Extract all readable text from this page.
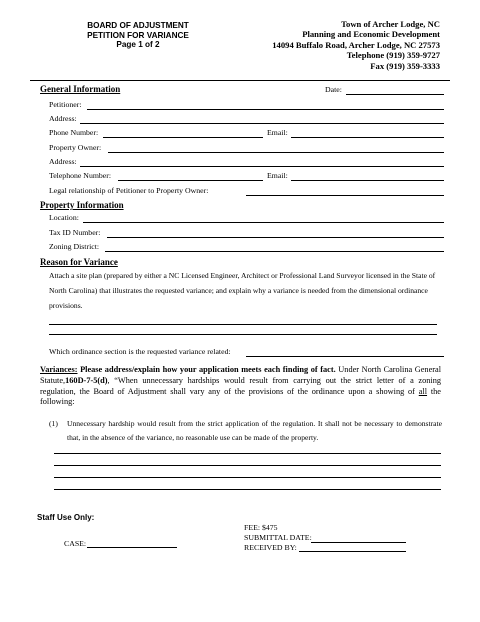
BOARD OF ADJUSTMENT
PETITION FOR VARIANCE
Page 1 of 2
Town of Archer Lodge, NC
Planning and Economic Development
14094 Buffalo Road, Archer Lodge, NC 27573
Telephone (919) 359-9727
Fax (919) 359-3333
General Information	Date:
Petitioner:
Address:
Phone Number:	Email:
Property Owner:
Address:
Telephone Number:	Email:
Legal relationship of Petitioner to Property Owner:
Property Information
Location:
Tax ID Number:
Zoning District:
Reason for Variance
Attach a site plan (prepared by either a NC Licensed Engineer, Architect or Professional Land Surveyor licensed in the State of North Carolina) that illustrates the requested variance; and explain why a variance is needed from the dimensional ordinance provisions.
Which ordinance section is the requested variance related:
Variances: Please address/explain how your application meets each finding of fact. Under North Carolina General Statute,160D-7-5(d), “When unnecessary hardships would result from carrying out the strict letter of a zoning regulation, the Board of Adjustment shall vary any of the provisions of the ordinance upon a showing of all the following:
(1)	Unnecessary hardship would result from the strict application of the regulation. It shall not be necessary to demonstrate that, in the absence of the variance, no reasonable use can be made of the property.
Staff Use Only:
CASE:
FEE: $475
SUBMITTAL DATE:
RECEIVED BY:
